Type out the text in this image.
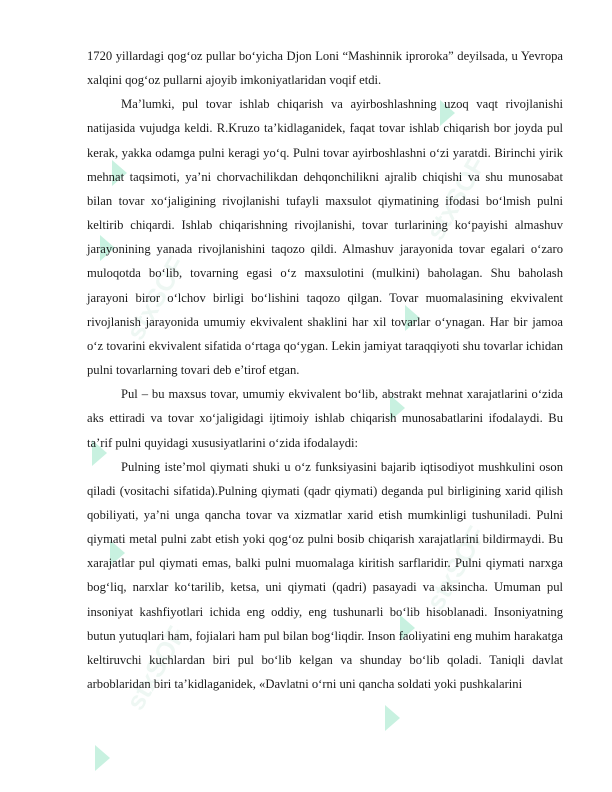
stxSOF
stxSOF
stxSOF
stxSOF

1720 yillardagi qog‘oz pullar bo‘yicha Djon Loni “Mashinnik iproroka” deyilsada, u Yevropa xalqini qog‘oz pullarni ajoyib imkoniyatlaridan voqif etdi.

Ma’lumki, pul tovar ishlab chiqarish va ayirboshlashning uzoq vaqt rivojlanishi natijasida vujudga keldi. R.Kruzo ta’kidlaganidek, faqat tovar ishlab chiqarish bor joyda pul kerak, yakka odamga pulni keragi yo‘q. Pulni tovar ayirboshlashni o‘zi yaratdi. Birinchi yirik mehnat taqsimoti, ya’ni chorvachilikdan dehqonchilikni ajralib chiqishi va shu munosabat bilan tovar xo‘jaligining rivojlanishi tufayli maxsulot qiymatining ifodasi bo‘lmish pulni keltirib chiqardi. Ishlab chiqarishning rivojlanishi, tovar turlarining ko‘payishi almashuv jarayonining yanada rivojlanishini taqozo qildi. Almashuv jarayonida tovar egalari o‘zaro muloqotda bo‘lib, tovarning egasi o‘z maxsulotini (mulkini) baholagan. Shu baholash jarayoni biror o‘lchov birligi bo‘lishini taqozo qilgan. Tovar muomalasining ekvivalent rivojlanish jarayonida umumiy ekvivalent shaklini har xil tovarlar o‘ynagan. Har bir jamoa o‘z tovarini ekvivalent sifatida o‘rtaga qo‘ygan. Lekin jamiyat taraqqiyoti shu tovarlar ichidan pulni tovarlarning tovari deb e’tirof etgan.

Pul – bu maxsus tovar, umumiy ekvivalent bo‘lib, abstrakt mehnat xarajatlarini o‘zida aks ettiradi va tovar xo‘jaligidagi ijtimoiy ishlab chiqarish munosabatlarini ifodalaydi. Bu ta’rif pulni quyidagi xususiyatlarini o‘zida ifodalaydi:

Pulning iste’mol qiymati shuki u o‘z funksiyasini bajarib iqtisodiyot mushkulini oson qiladi (vositachi sifatida).Pulning qiymati (qadr qiymati) deganda pul birligining xarid qilish qobiliyati, ya’ni unga qancha tovar va xizmatlar xarid etish mumkinligi tushuniladi. Pulni qiymati metal pulni zabt etish yoki qog‘oz pulni bosib chiqarish xarajatlarini bildirmaydi. Bu xarajatlar pul qiymati emas, balki pulni muomalaga kiritish sarflaridir. Pulni qiymati narxga bog‘liq, narxlar ko‘tarilib, ketsa, uni qiymati (qadri) pasayadi va aksincha. Umuman pul insoniyat kashfiyotlari ichida eng oddiy, eng tushunarli bo‘lib hisoblanadi. Insoniyatning butun yutuqlari ham, fojialari ham pul bilan bog‘liqdir. Inson faoliyatini eng muhim harakatga keltiruvchi kuchlardan biri pul bo‘lib kelgan va shunday bo‘lib qoladi. Taniqli davlat arboblaridan biri ta’kidlaganidek, «Davlatni o‘rni uni qancha soldati yoki pushkalarini
